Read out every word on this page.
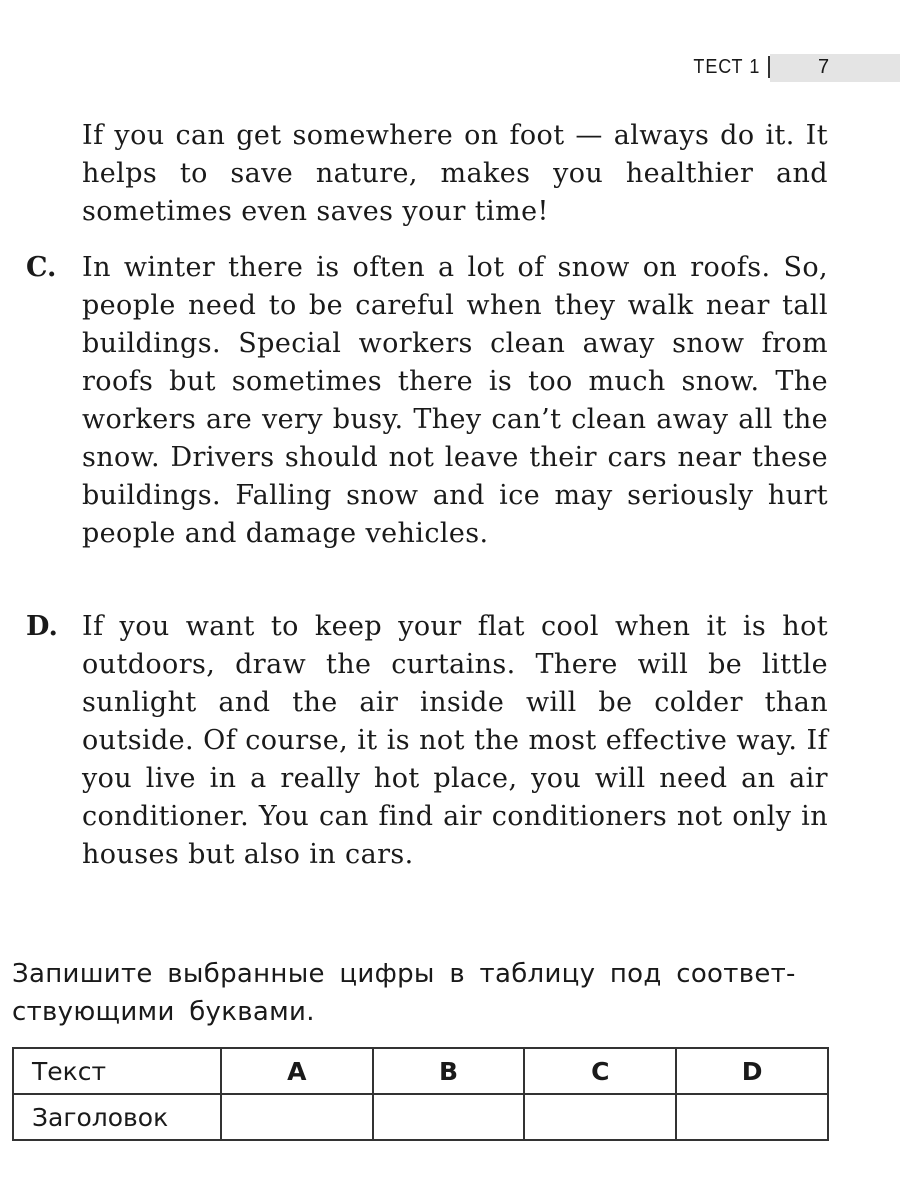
ТЕСТ 1	7
If you can get somewhere on foot — always do it. It helps to save nature, makes you healthier and sometimes even saves your time!
C. In winter there is often a lot of snow on roofs. So, people need to be careful when they walk near tall buildings. Special workers clean away snow from roofs but sometimes there is too much snow. The workers are very busy. They can’t clean away all the snow. Drivers should not leave their cars near these buildings. Falling snow and ice may seriously hurt people and damage vehicles.
D. If you want to keep your flat cool when it is hot outdoors, draw the curtains. There will be little sunlight and the air inside will be colder than outside. Of course, it is not the most effective way. If you live in a really hot place, you will need an air conditioner. You can find air conditioners not only in houses but also in cars.
Запишите выбранные цифры в таблицу под соответ- ствующими буквами.
Текст	A	B	C	D
Заголовок				
